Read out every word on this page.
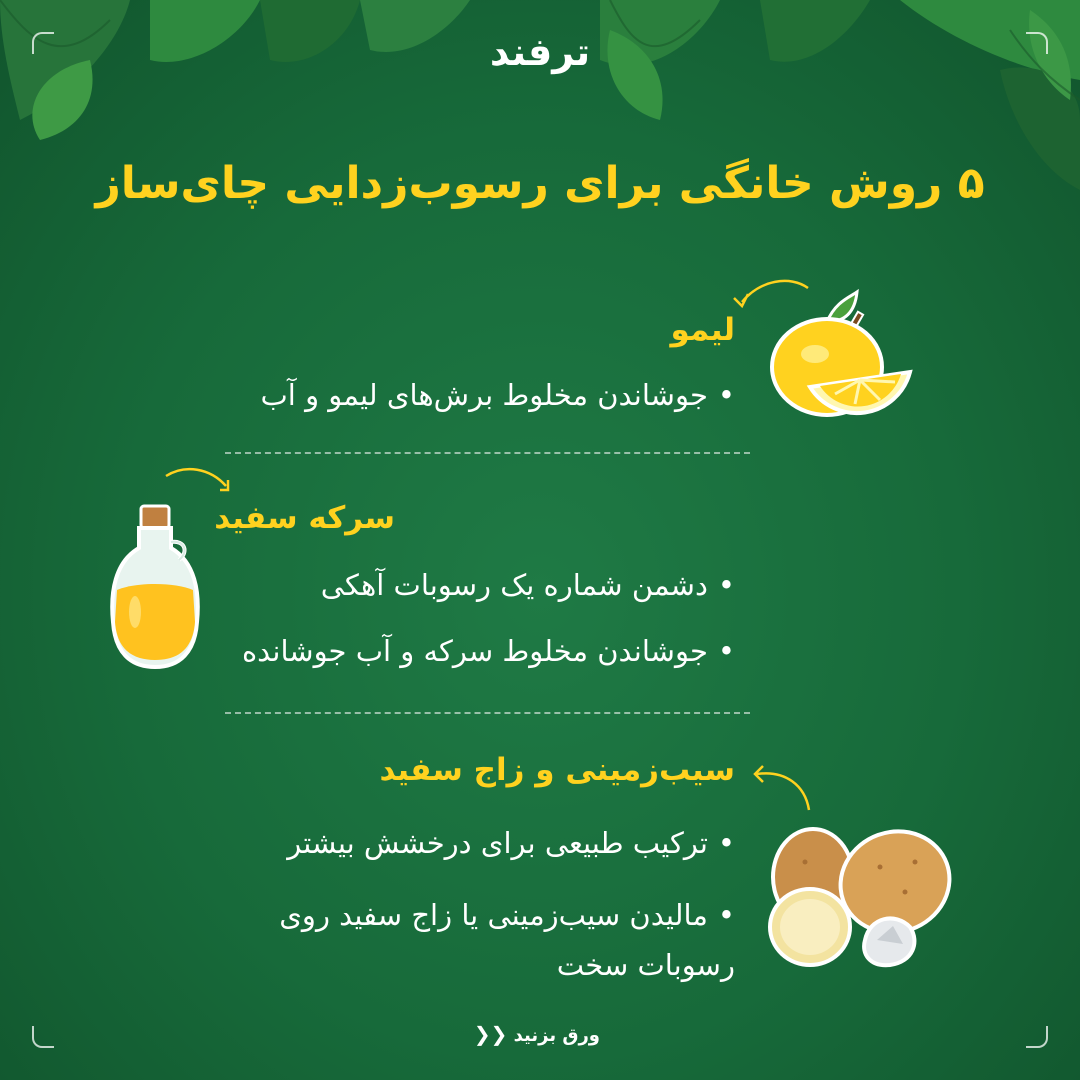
ترفند
۵ روش خانگی برای رسوب‌زدایی چای‌ساز
لیمو
• جوشاندن مخلوط برش‌های لیمو و آب
سرکه سفید
• دشمن شماره یک رسوبات آهکی
• جوشاندن مخلوط سرکه و آب جوشانده
سیب‌زمینی و زاج سفید
• ترکیب طبیعی برای درخشش بیشتر
• مالیدن سیب‌زمینی یا زاج سفید روی رسوبات سخت
ورق بزنید ❮❮
